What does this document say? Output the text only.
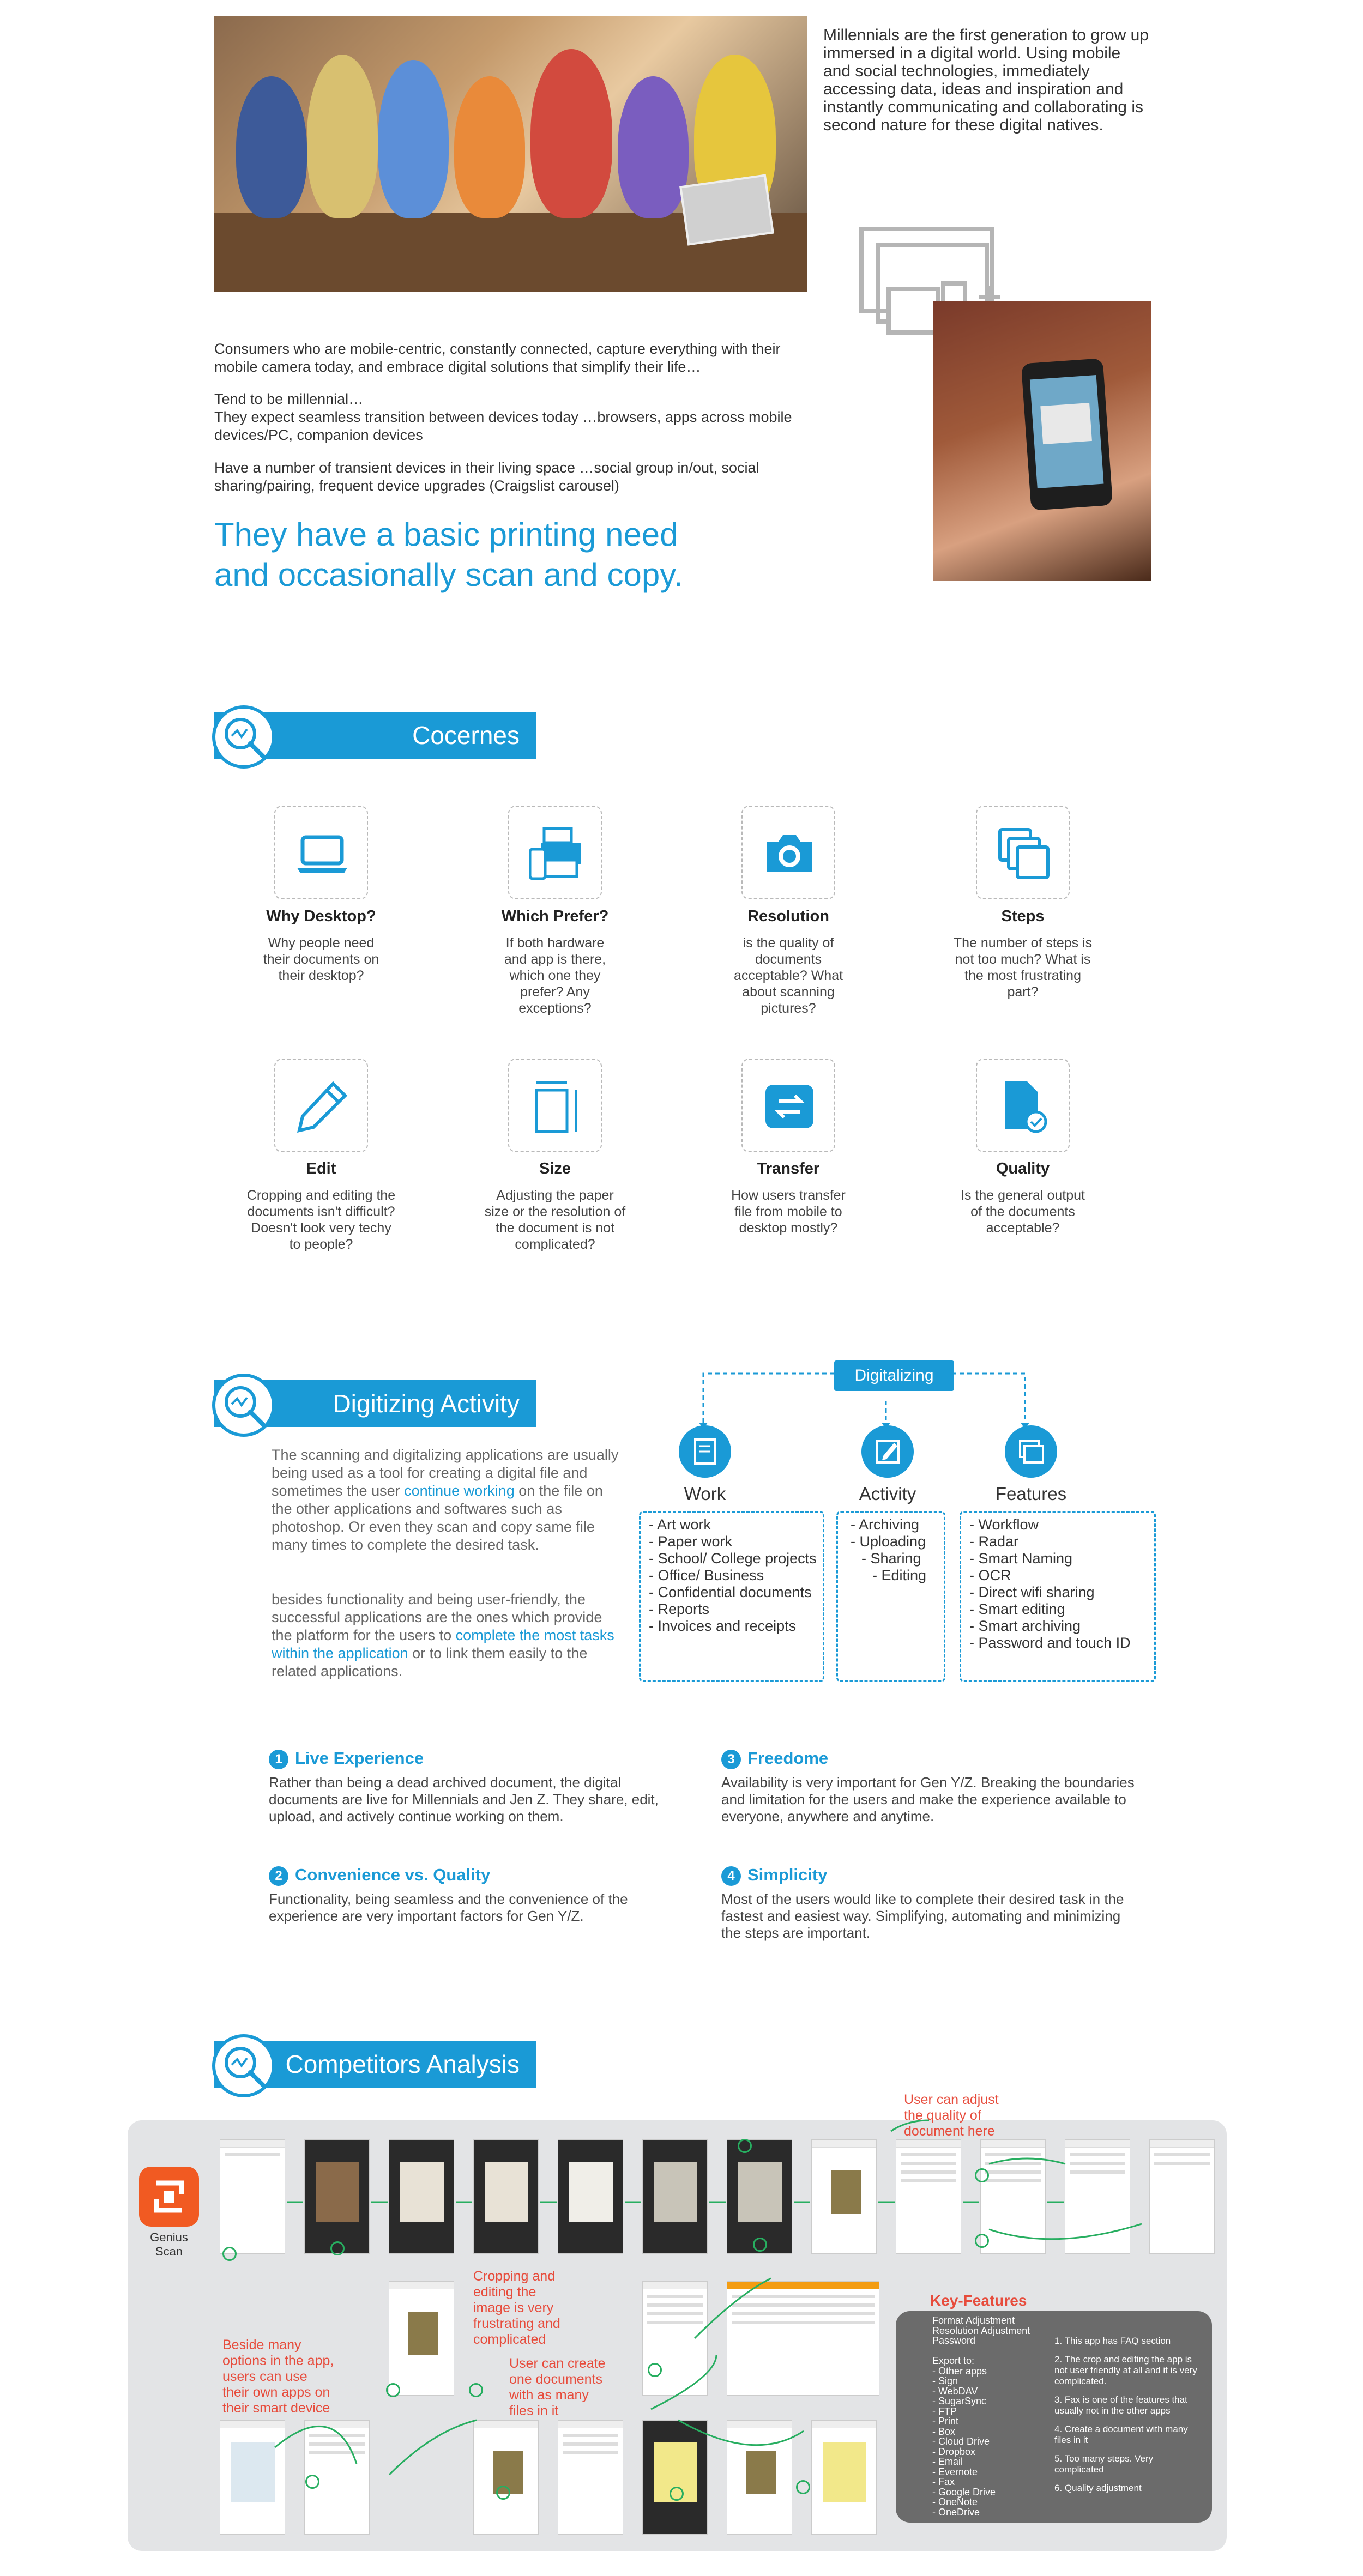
Millennials are the first generation to grow up immersed in a digital world. Using mobile and social technologies, immediately accessing data, ideas and inspiration and instantly communicating and collaborating is second nature for these digital natives.
Consumers who are mobile-centric, constantly connected, capture everything with their mobile camera today, and embrace digital solutions that simplify their life…
Tend to be millennial…
They expect seamless transition between devices today …browsers, apps across mobile devices/PC, companion devices
Have a number of transient devices in their living space …social group in/out, social sharing/pairing, frequent device upgrades (Craigslist carousel)
They have a basic printing need
and occasionally scan and copy.
Cocernes
Why Desktop?
Why people need their documents on their desktop?
Which Prefer?
If both hardware and app is there, which one they prefer? Any exceptions?
Resolution
is the quality of documents acceptable? What about scanning pictures?
Steps
The number of steps is not too much? What is the most frustrating part?
Edit
Cropping and editing the documents isn't difficult? Doesn't look very techy to people?
Size
Adjusting the paper size or the resolution of the document is not complicated?
Transfer
How users transfer file from mobile to desktop mostly?
Quality
Is the general output of the documents acceptable?
Digitizing Activity
The scanning and digitalizing applications are usually being used as a tool for creating a digital file and sometimes the user continue working on the file on the other applications and softwares such as photoshop. Or even they scan and copy same file many times to complete the desired task.
besides functionality and being user-friendly, the successful applications are the ones which provide the platform for the users to complete the most tasks within the application or to link them easily to the related applications.
Digitalizing
Work	Activity	Features
- Art work
- Paper work
- School/ College projects
- Office/ Business
- Confidential documents
- Reports
- Invoices and receipts
- Archiving
- Uploading
- Sharing
- Editing
- Workflow
- Radar
- Smart Naming
- OCR
- Direct wifi sharing
- Smart editing
- Smart archiving
- Password and touch ID
1 Live Experience
Rather than being a dead archived document, the digital documents are live for Millennials and Jen Z. They share, edit, upload, and actively continue working on them.
2 Convenience vs. Quality
Functionality, being seamless and the convenience of the experience are very important factors for Gen Y/Z.
3 Freedome
Availability is very important for Gen Y/Z. Breaking the boundaries and limitation for the users and make the experience available to everyone, anywhere and anytime.
4 Simplicity
Most of the users would like to complete their desired task in the fastest and easiest way. Simplifying, automating and minimizing the steps are important.
Competitors Analysis
Genius Scan
User can adjust the quality of document here
Cropping and editing the image is very frustrating and complicated
Beside many options in the app, users can use their own apps on their smart device
User can create one documents with as many files in it
Key-Features
Format Adjustment
Resolution Adjustment
Password
Export to:
- Other apps
- Sign
- WebDAV
- SugarSync
- FTP
- Print
- Box
- Cloud Drive
- Dropbox
- Email
- Evernote
- Fax
- Google Drive
- OneNote
- OneDrive
1. This app has FAQ section
2. The crop and editing the app is not user friendly at all and it is very complicated.
3. Fax is one of the features that usually not in the other apps
4. Create a document with many files in it
5. Too many steps. Very complicated
6. Quality adjustment
